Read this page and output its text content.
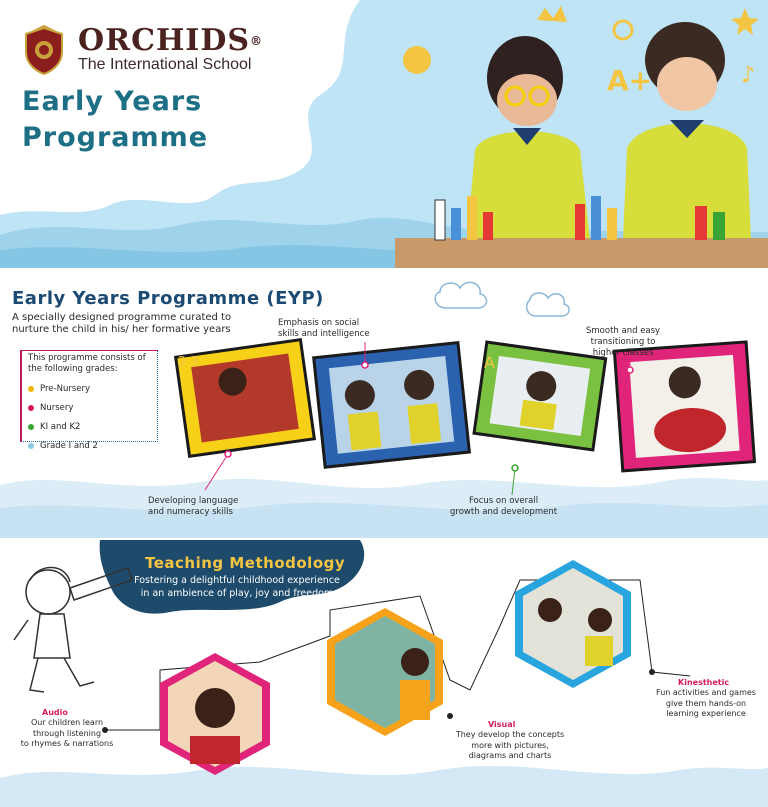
ORCHIDS®
The International School
Early Years
Programme
A+	♪
2 3	A
Early Years Programme (EYP)
A specially designed programme curated to
nurture the child in his/ her formative years
This programme consists of
the following grades:
Pre-Nursery
Nursery
KI and K2
Grade I and 2
Developing language
and numeracy skills
Emphasis on social
skills and intelligence
Focus on overall
growth and development
Smooth and easy
transitioning to
higher classes
Teaching Methodology
Fostering a delightful childhood experience
in an ambience of play, joy and freedom
Audio
Our children learn
through listening
to rhymes & narrations
Visual
They develop the concepts
more with pictures,
diagrams and charts
Kinesthetic
Fun activities and games
give them hands-on
learning experience
